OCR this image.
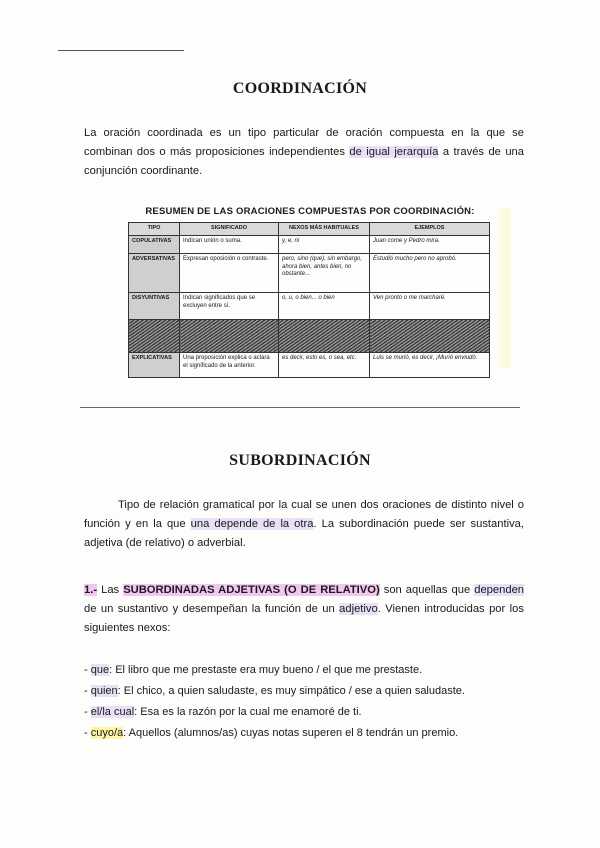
COORDINACIÓN
La oración coordinada es un tipo particular de oración compuesta en la que se combinan dos o más proposiciones independientes de igual jerarquía a través de una conjunción coordinante.
RESUMEN DE LAS ORACIONES COMPUESTAS POR COORDINACIÓN:
TIPO	SIGNIFICADO	NEXOS MÁS HABITUALES	EJEMPLOS
COPULATIVAS	Indican unión o suma.	y, e, ni	Juan come y Pedro mira.
ADVERSATIVAS	Expresan oposición o contraste.	pero, sino (que), sin embargo, ahora bien, antes bien, no obstante...	Estudió mucho pero no aprobó.
DISYUNTIVAS	Indican significados que se excluyen entre sí.	o, u, o bien... o bien	Ven pronto o me marcharé.

EXPLICATIVAS	Una proposición explica o aclara el significado de la anterior.	es decir, esto es, o sea, etc.	Luis se murió, es decir, ¡Murió enviudó.
SUBORDINACIÓN
Tipo de relación gramatical por la cual se unen dos oraciones de distinto nivel o función y en la que una depende de la otra. La subordinación puede ser sustantiva, adjetiva (de relativo) o adverbial.
1.- Las SUBORDINADAS ADJETIVAS (O DE RELATIVO) son aquellas que dependen de un sustantivo y desempeñan la función de un adjetivo. Vienen introducidas por los siguientes nexos:
- que: El libro que me prestaste era muy bueno / el que me prestaste.
- quien: El chico, a quien saludaste, es muy simpático / ese a quien saludaste.
- el/la cual: Esa es la razón por la cual me enamoré de ti.
- cuyo/a: Aquellos (alumnos/as) cuyas notas superen el 8 tendrán un premio.
